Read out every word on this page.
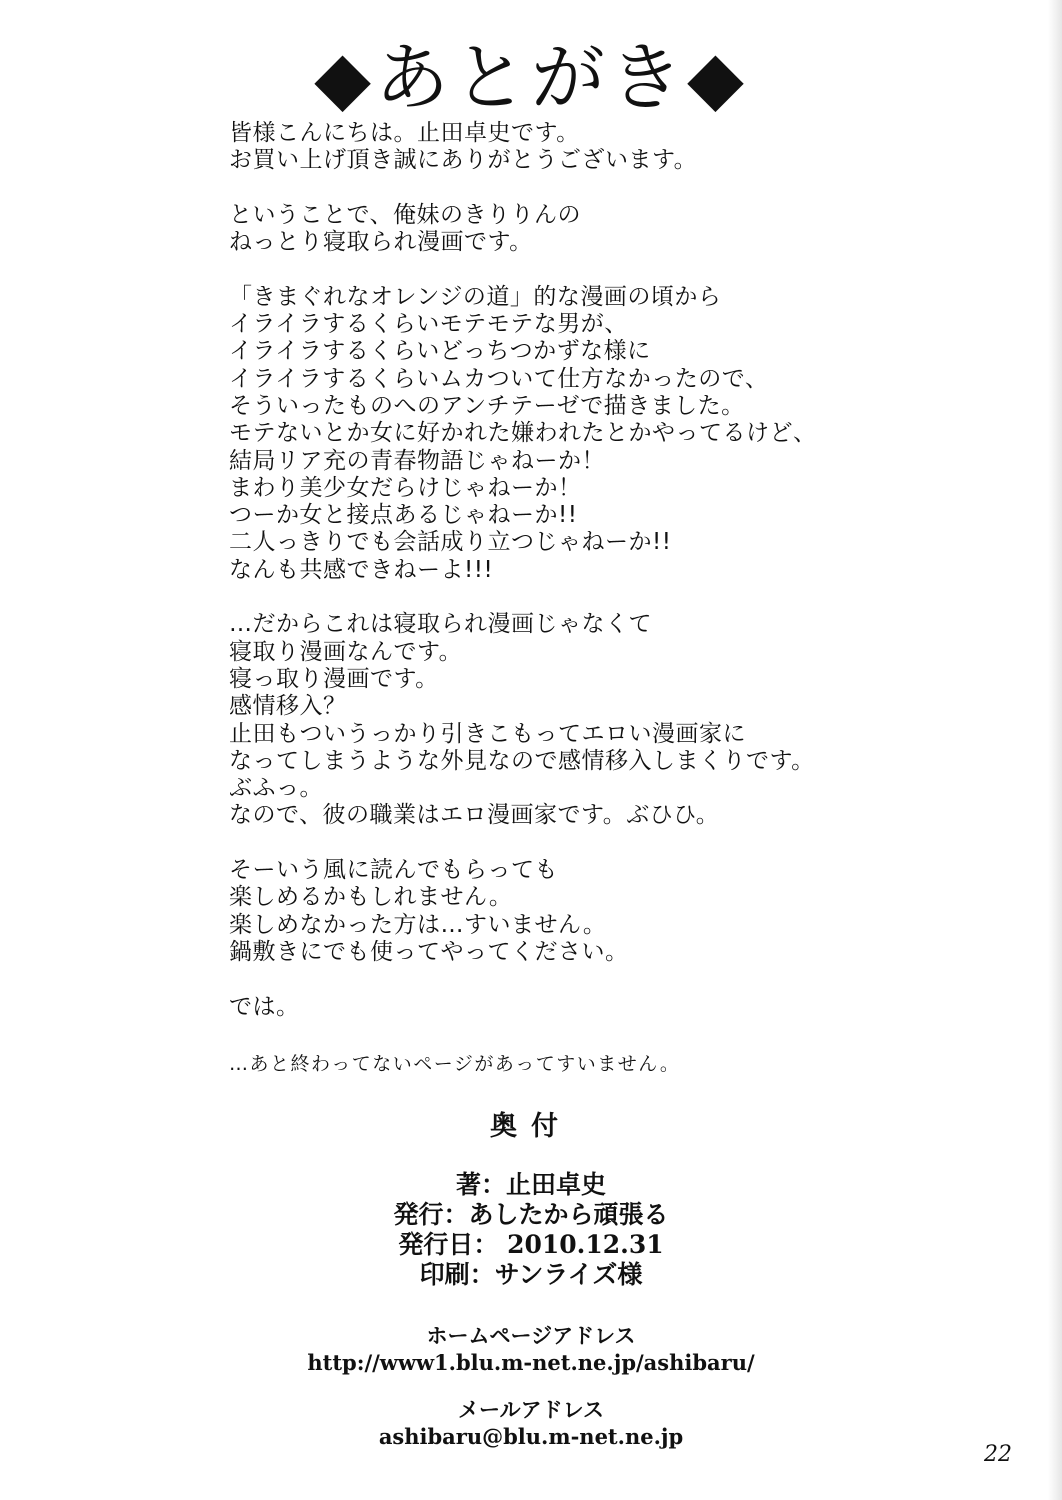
◆あとがき◆
皆様こんにちは。止田卓史です。
お買い上げ頂き誠にありがとうございます。
ということで、俺妹のきりりんの
ねっとり寝取られ漫画です。
「きまぐれなオレンジの道」的な漫画の頃から
イライラするくらいモテモテな男が、
イライラするくらいどっちつかずな様に
イライラするくらいムカついて仕方なかったので、
そういったものへのアンチテーゼで描きました。
モテないとか女に好かれた嫌われたとかやってるけど、
結局リア充の青春物語じゃねーか！
まわり美少女だらけじゃねーか！
つーか女と接点あるじゃねーか!!
二人っきりでも会話成り立つじゃねーか!!
なんも共感できねーよ!!!
…だからこれは寝取られ漫画じゃなくて
寝取り漫画なんです。
寝っ取り漫画です。
感情移入？
止田もついうっかり引きこもってエロい漫画家に
なってしまうような外見なので感情移入しまくりです。
ぶふっ。
なので、彼の職業はエロ漫画家です。ぶひひ。
そーいう風に読んでもらっても
楽しめるかもしれません。
楽しめなかった方は…すいません。
鍋敷きにでも使ってやってください。
では。
…あと終わってないページがあってすいません。
奥付
著：止田卓史
発行：あしたから頑張る
発行日： 2010.12.31
印刷：サンライズ様
ホームページアドレス
http://www1.blu.m-net.ne.jp/ashibaru/
メールアドレス
ashibaru@blu.m-net.ne.jp
22
